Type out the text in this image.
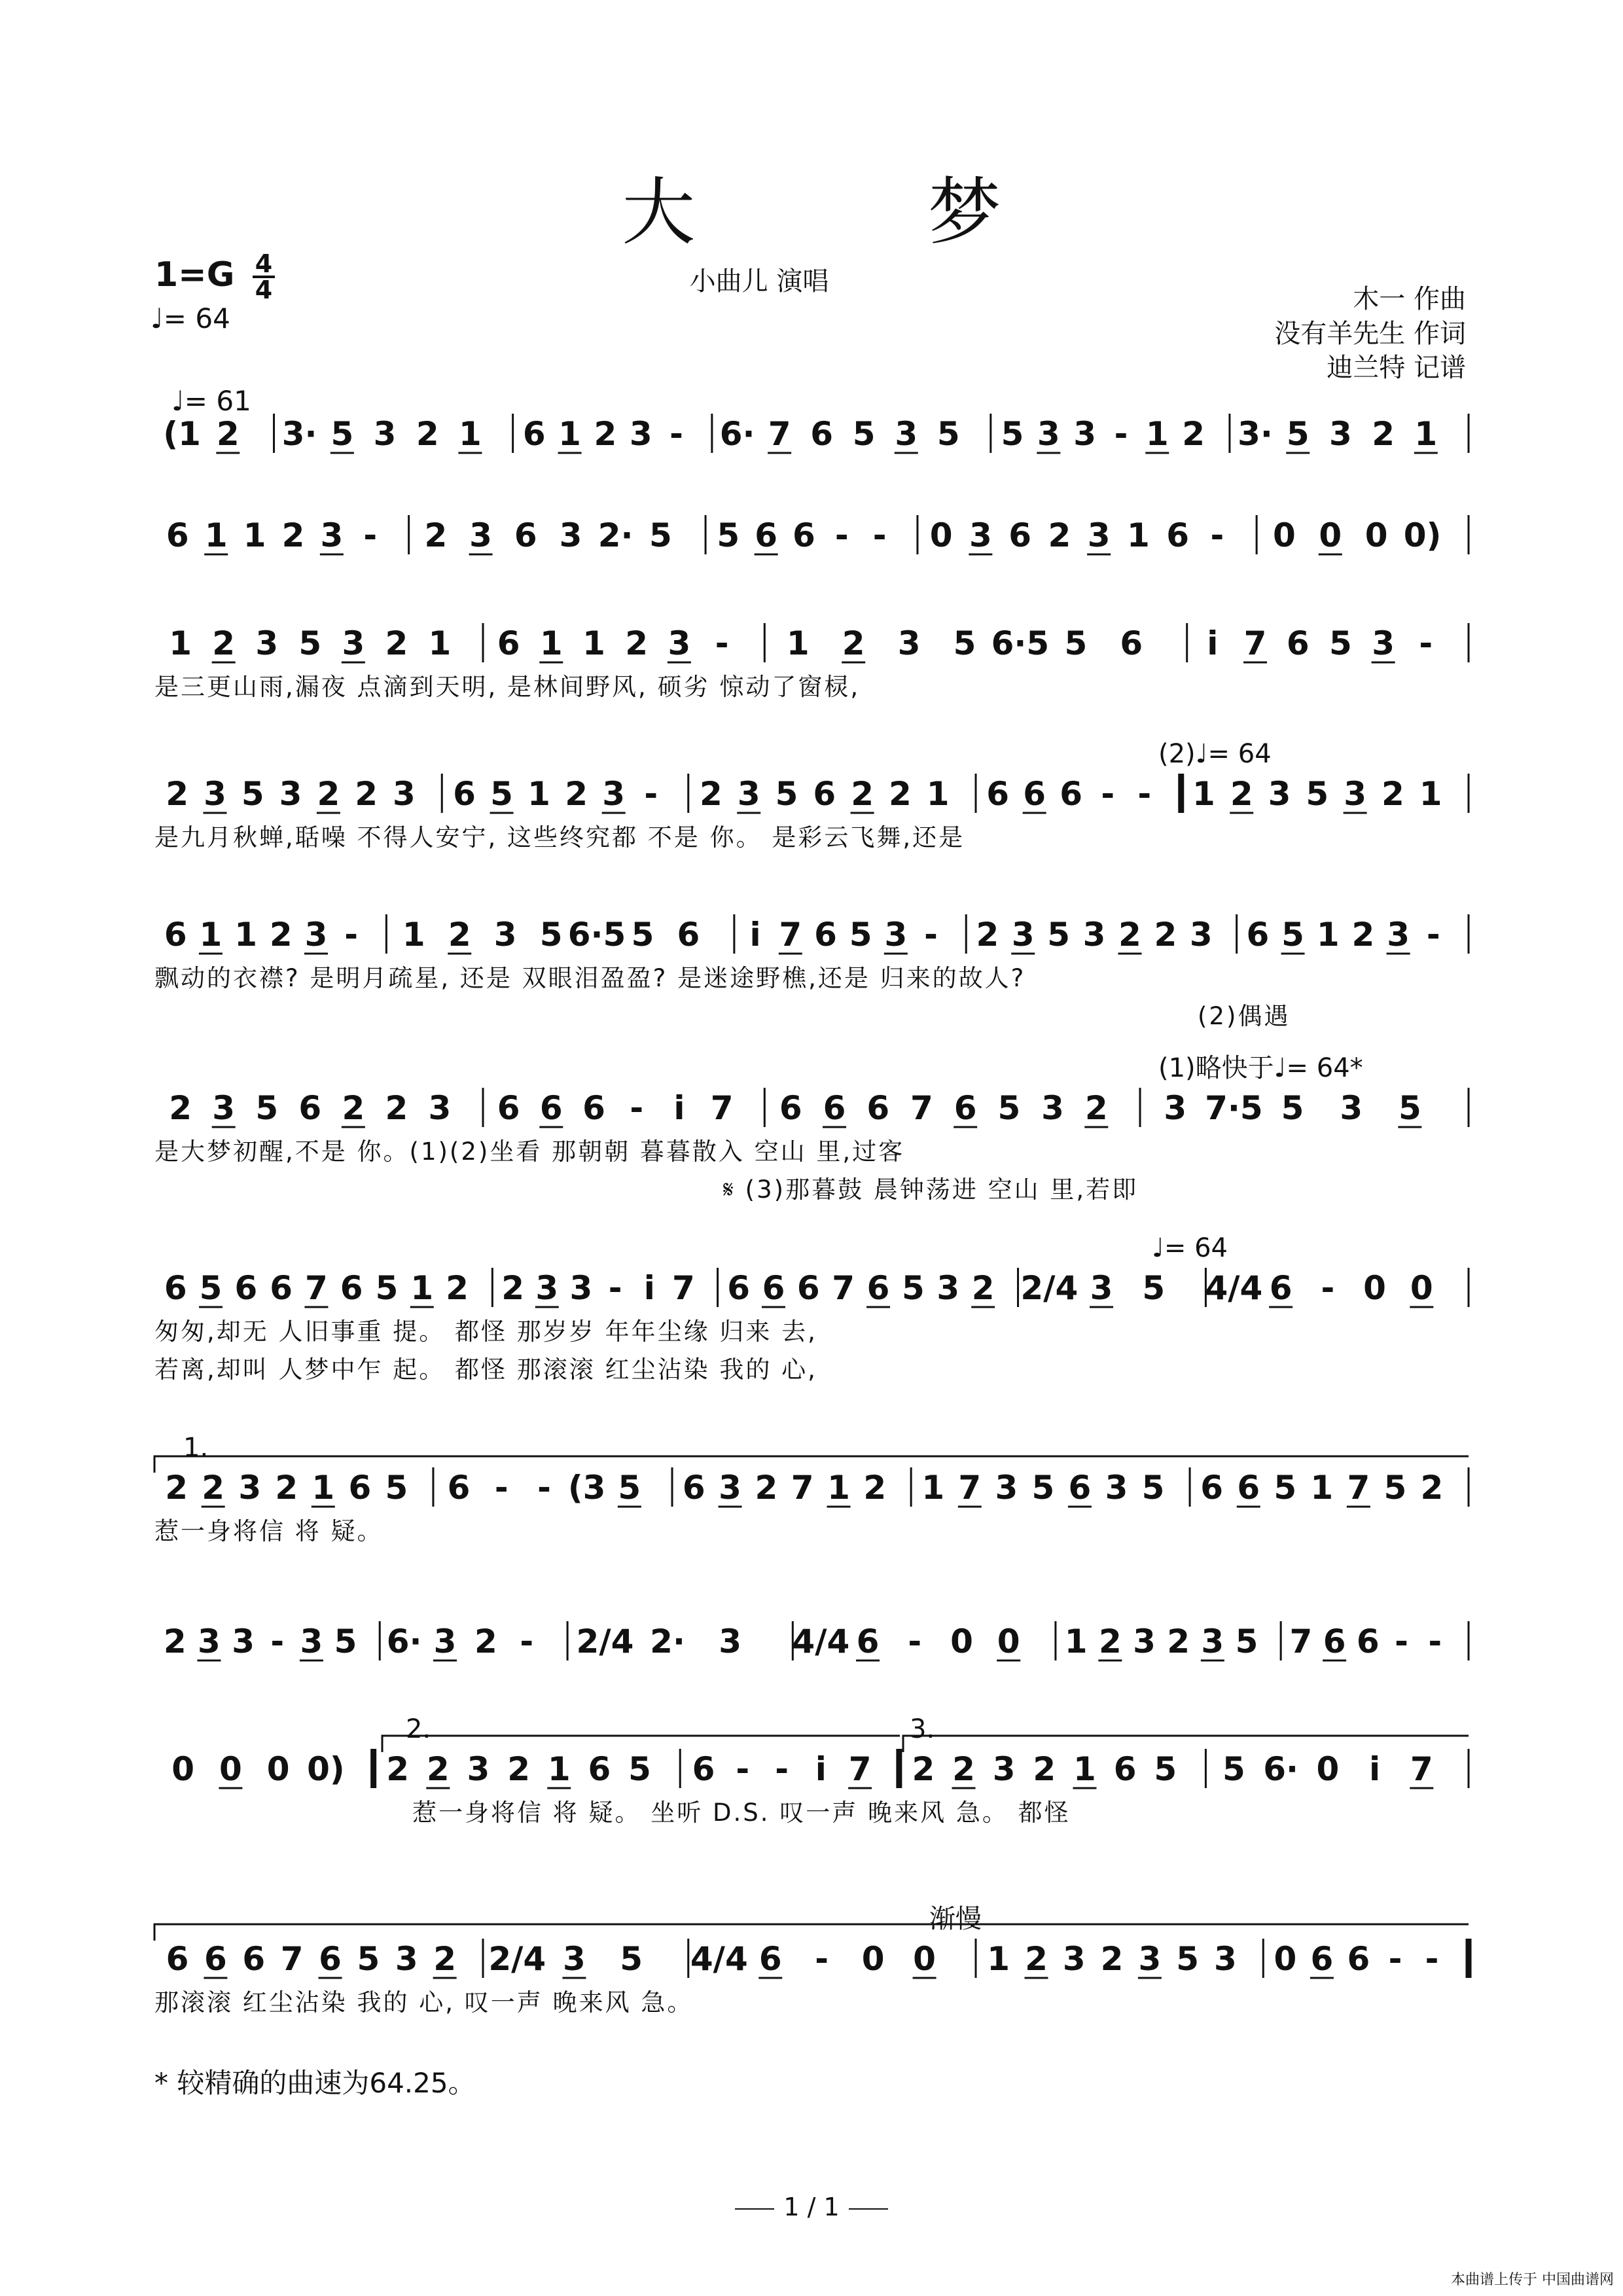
大 梦
1=G 4
4
♩= 64
小曲儿 演唱
木一 作曲
没有羊先生 作词
迪兰特 记谱
♩= 61
(1 2 3· 5 3 2 1 6 1 2 3 - 6· 7 6 5 3 5 5 3 3 - 1 2 3· 5 3 2 1
6 1 1 2 3 - 2 3 6 3 2· 5 5 6 6 - - 0 3 6 2 3 1 6 - 0 0 0 0)
1 2 3 5 3 2 1 6 1 1 2 3 - 1 2 3 5 6·5 5 6 i 7 6 5 3 -
是三更山雨,漏夜 点滴到天明, 是林间野风, 硕劣 惊动了窗棂,
2 3 5 3 2 2 3 6 5 1 2 3 - 2 3 5 6 2 2 1 6 6 6 - - 1 2 3 5 3 2 1
(2)♩= 64
是九月秋蝉,聒噪 不得人安宁, 这些终究都 不是 你。 是彩云飞舞,还是
6 1 1 2 3 - 1 2 3 5 6·5 5 6 i 7 6 5 3 - 2 3 5 3 2 2 3 6 5 1 2 3 -
飘动的衣襟? 是明月疏星, 还是 双眼泪盈盈? 是迷途野樵,还是 归来的故人?
(2)偶遇
2 3 5 6 2 2 3 6 6 6 - i 7 6 6 6 7 6 5 3 2 3 7·5 5 3 5
(1)略快于♩= 64*
是大梦初醒,不是 你。(1)(2)坐看 那朝朝 暮暮散入 空山 里,过客
𝄋 (3)那暮鼓 晨钟荡进 空山 里,若即
6 5 6 6 7 6 5 1 2 2 3 3 - i 7 6 6 6 7 6 5 3 2 2/4 3 5 4/4 6 - 0 0
♩= 64
匆匆,却无 人旧事重 提。 都怪 那岁岁 年年尘缘 归来 去,
若离,却叫 人梦中乍 起。 都怪 那滚滚 红尘沾染 我的 心,
2 2 3 2 1 6 5 6 - - (3 5 6 3 2 7 1 2 1 7 3 5 6 3 5 6 6 5 1 7 5 2
1.
惹一身将信 将 疑。
2 3 3 - 3 5 6· 3 2 - 2/4 2· 3 4/4 6 - 0 0 1 2 3 2 3 5 7 6 6 - -
0 0 0 0) 2 2 3 2 1 6 5 6 - - i 7 2 2 3 2 1 6 5 5 6· 0 i 7
2.	3.
惹一身将信 将 疑。 坐听 D.S. 叹一声 晚来风 急。 都怪
6 6 6 7 6 5 3 2 2/4 3 5 4/4 6 - 0 0 1 2 3 2 3 5 3 0 6 6 - -
渐慢
那滚滚 红尘沾染 我的 心, 叹一声 晚来风 急。
* 较精确的曲速为64.25。
1 / 1
本曲谱上传于 中国曲谱网
